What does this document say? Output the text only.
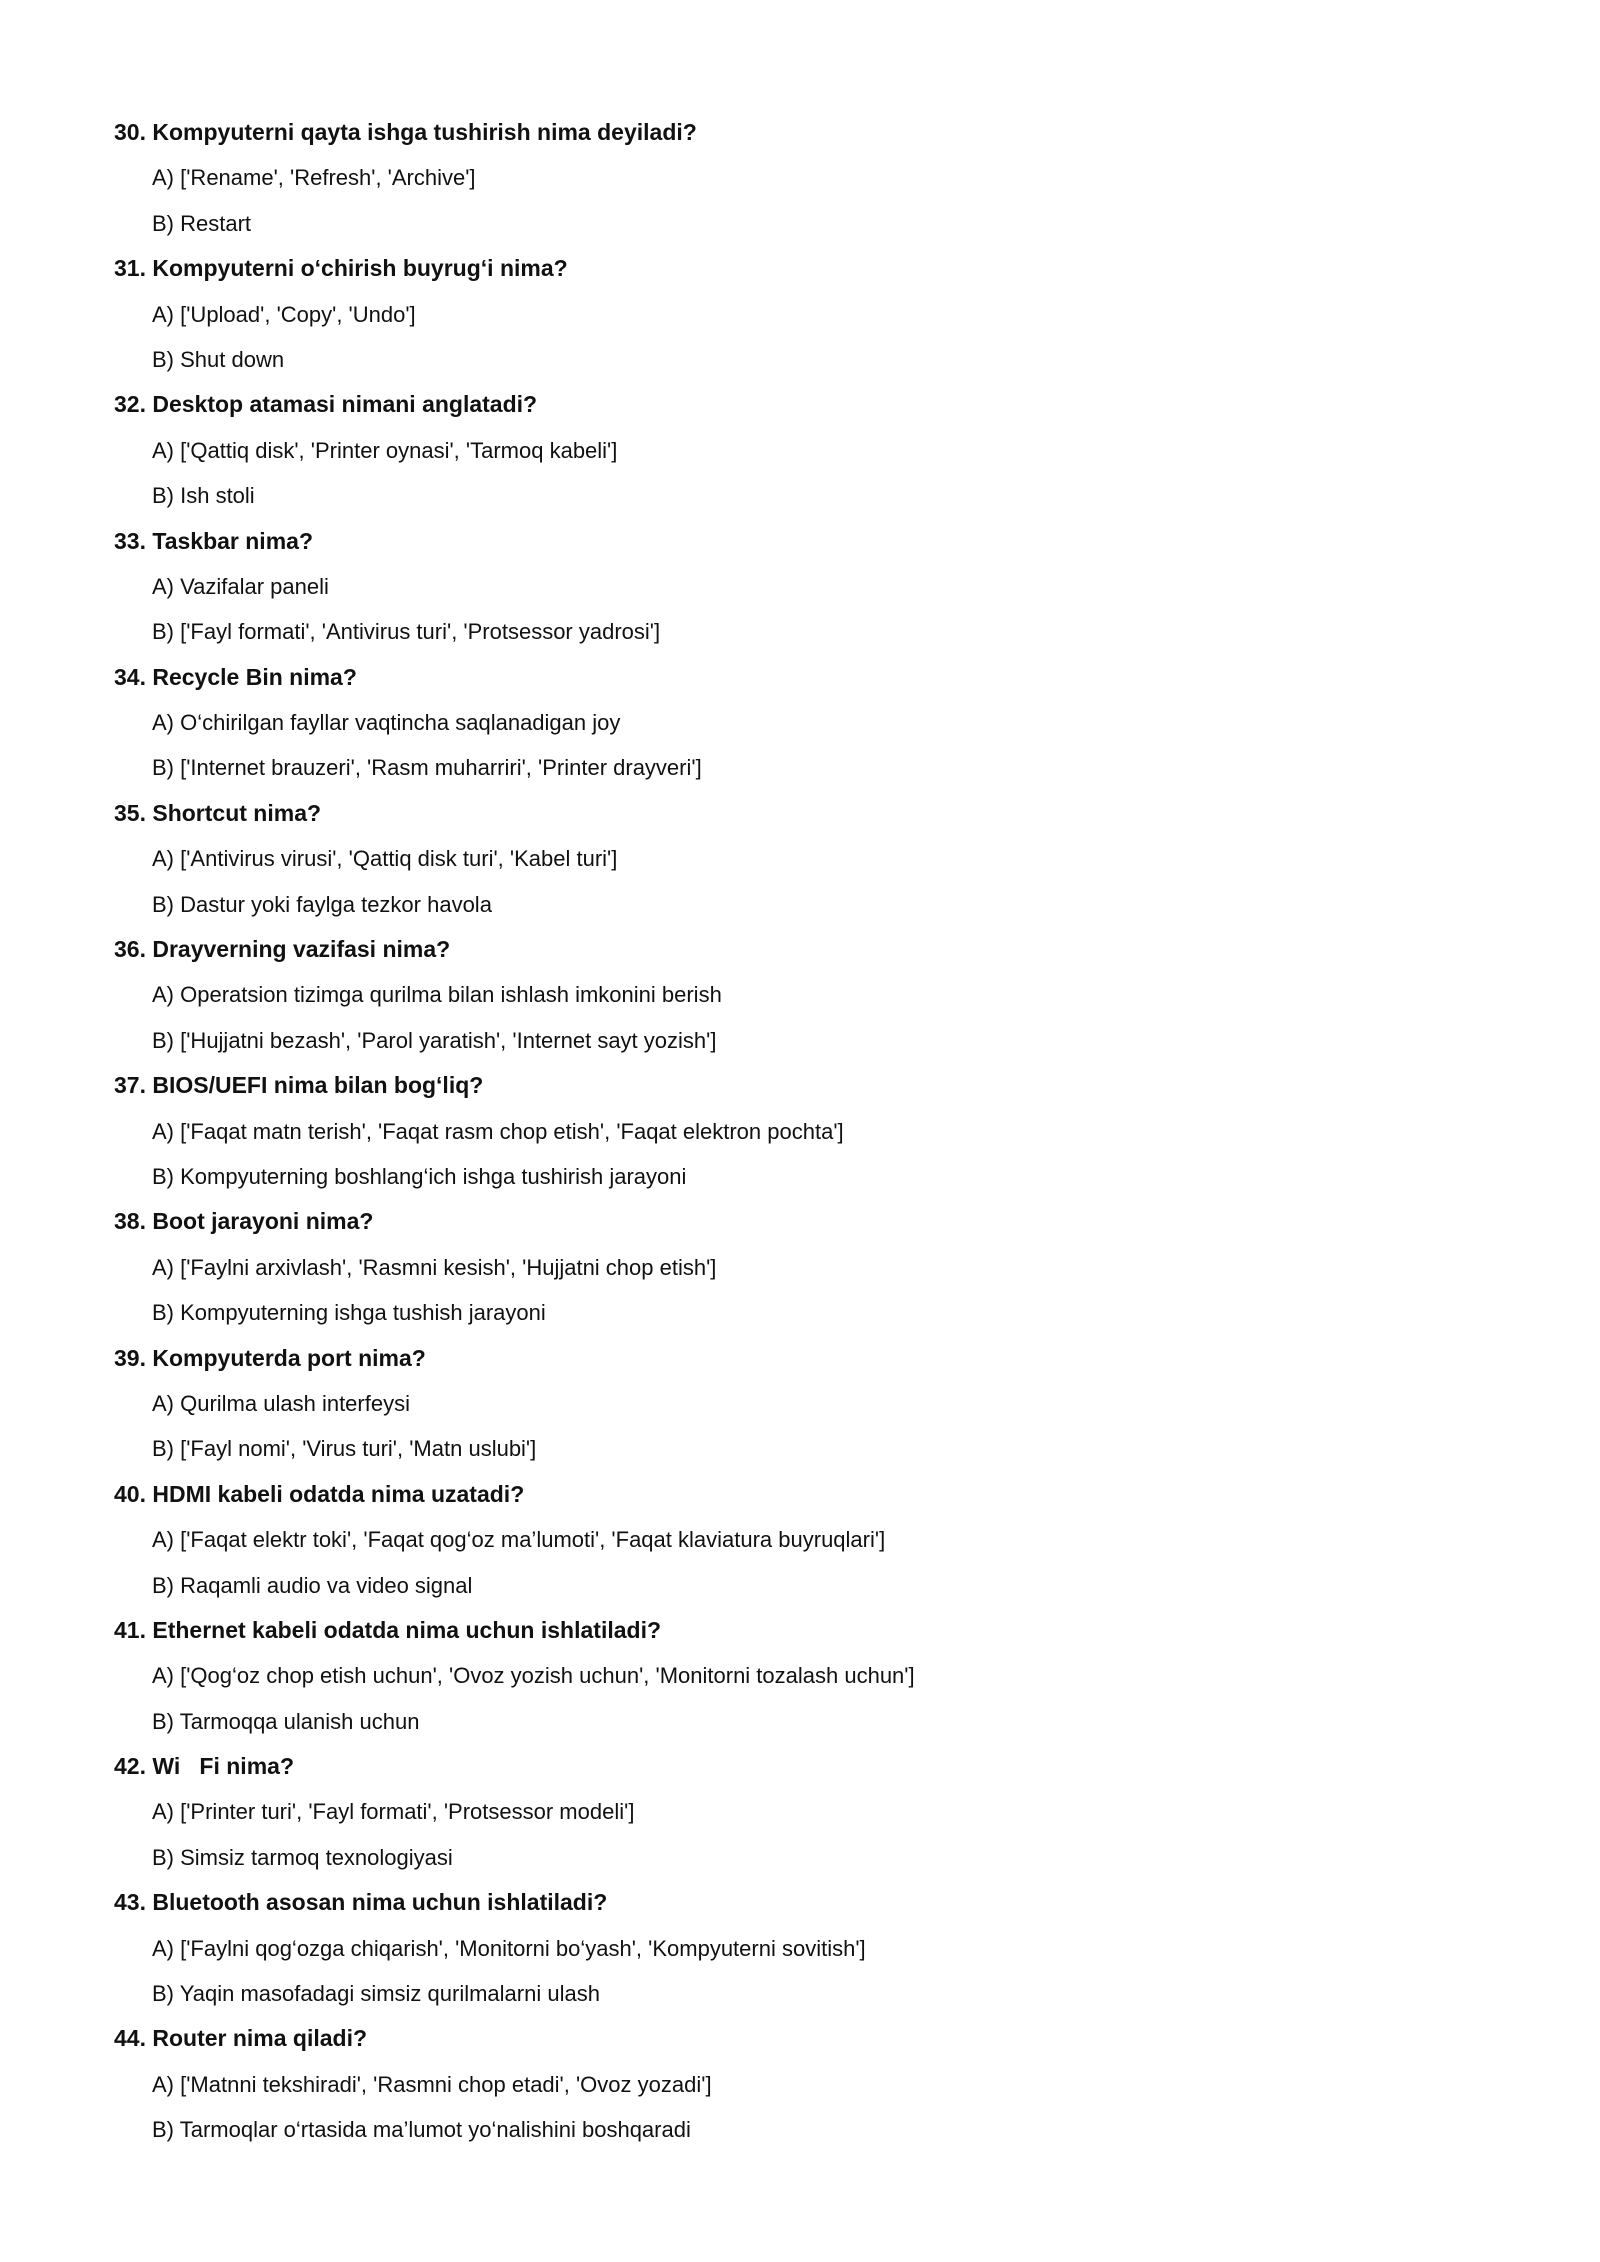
30. Kompyuterni qayta ishga tushirish nima deyiladi?
A) ['Rename', 'Refresh', 'Archive']
B) Restart
31. Kompyuterni o‘chirish buyrug‘i nima?
A) ['Upload', 'Copy', 'Undo']
B) Shut down
32. Desktop atamasi nimani anglatadi?
A) ['Qattiq disk', 'Printer oynasi', 'Tarmoq kabeli']
B) Ish stoli
33. Taskbar nima?
A) Vazifalar paneli
B) ['Fayl formati', 'Antivirus turi', 'Protsessor yadrosi']
34. Recycle Bin nima?
A) O‘chirilgan fayllar vaqtincha saqlanadigan joy
B) ['Internet brauzeri', 'Rasm muharriri', 'Printer drayveri']
35. Shortcut nima?
A) ['Antivirus virusi', 'Qattiq disk turi', 'Kabel turi']
B) Dastur yoki faylga tezkor havola
36. Drayverning vazifasi nima?
A) Operatsion tizimga qurilma bilan ishlash imkonini berish
B) ['Hujjatni bezash', 'Parol yaratish', 'Internet sayt yozish']
37. BIOS/UEFI nima bilan bog‘liq?
A) ['Faqat matn terish', 'Faqat rasm chop etish', 'Faqat elektron pochta']
B) Kompyuterning boshlang‘ich ishga tushirish jarayoni
38. Boot jarayoni nima?
A) ['Faylni arxivlash', 'Rasmni kesish', 'Hujjatni chop etish']
B) Kompyuterning ishga tushish jarayoni
39. Kompyuterda port nima?
A) Qurilma ulash interfeysi
B) ['Fayl nomi', 'Virus turi', 'Matn uslubi']
40. HDMI kabeli odatda nima uzatadi?
A) ['Faqat elektr toki', 'Faqat qog‘oz ma’lumoti', 'Faqat klaviatura buyruqlari']
B) Raqamli audio va video signal
41. Ethernet kabeli odatda nima uchun ishlatiladi?
A) ['Qog‘oz chop etish uchun', 'Ovoz yozish uchun', 'Monitorni tozalash uchun']
B) Tarmoqqa ulanish uchun
42. Wi   Fi nima?
A) ['Printer turi', 'Fayl formati', 'Protsessor modeli']
B) Simsiz tarmoq texnologiyasi
43. Bluetooth asosan nima uchun ishlatiladi?
A) ['Faylni qog‘ozga chiqarish', 'Monitorni bo‘yash', 'Kompyuterni sovitish']
B) Yaqin masofadagi simsiz qurilmalarni ulash
44. Router nima qiladi?
A) ['Matnni tekshiradi', 'Rasmni chop etadi', 'Ovoz yozadi']
B) Tarmoqlar o‘rtasida ma’lumot yo‘nalishini boshqaradi
